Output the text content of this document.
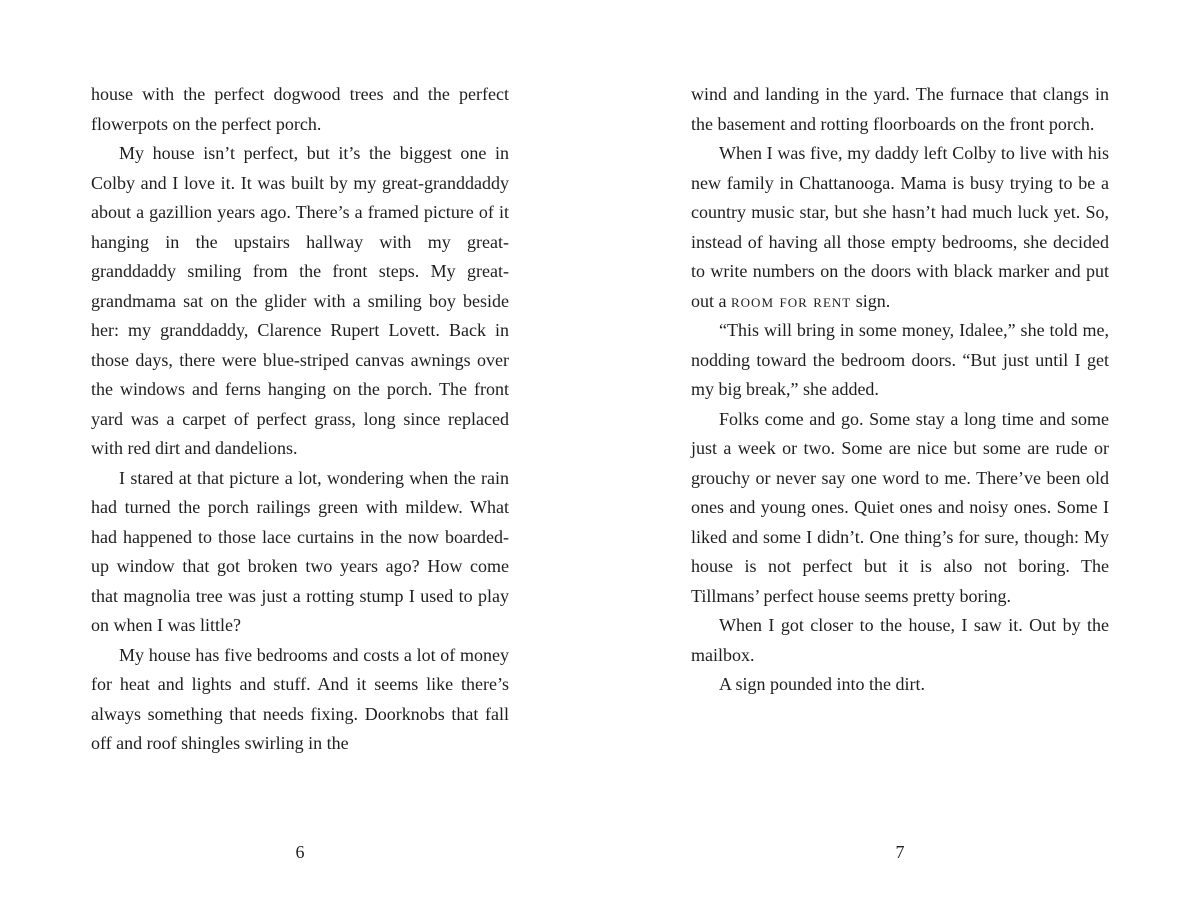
house with the perfect dogwood trees and the perfect flowerpots on the perfect porch.

My house isn’t perfect, but it’s the biggest one in Colby and I love it. It was built by my great-granddaddy about a gazillion years ago. There’s a framed picture of it hanging in the upstairs hallway with my great-granddaddy smiling from the front steps. My great-grandmama sat on the glider with a smiling boy beside her: my granddaddy, Clarence Rupert Lovett. Back in those days, there were blue-striped canvas awnings over the windows and ferns hanging on the porch. The front yard was a carpet of perfect grass, long since replaced with red dirt and dandelions.

I stared at that picture a lot, wondering when the rain had turned the porch railings green with mildew. What had happened to those lace curtains in the now boarded-up window that got broken two years ago? How come that magnolia tree was just a rotting stump I used to play on when I was little?

My house has five bedrooms and costs a lot of money for heat and lights and stuff. And it seems like there’s always something that needs fixing. Doorknobs that fall off and roof shingles swirling in the

wind and landing in the yard. The furnace that clangs in the basement and rotting floorboards on the front porch.

When I was five, my daddy left Colby to live with his new family in Chattanooga. Mama is busy trying to be a country music star, but she hasn’t had much luck yet. So, instead of having all those empty bedrooms, she decided to write numbers on the doors with black marker and put out a room for rent sign.

“This will bring in some money, Idalee,” she told me, nodding toward the bedroom doors. “But just until I get my big break,” she added.

Folks come and go. Some stay a long time and some just a week or two. Some are nice but some are rude or grouchy or never say one word to me. There’ve been old ones and young ones. Quiet ones and noisy ones. Some I liked and some I didn’t. One thing’s for sure, though: My house is not perfect but it is also not boring. The Tillmans’ perfect house seems pretty boring.

When I got closer to the house, I saw it. Out by the mailbox.

A sign pounded into the dirt.

6	7
